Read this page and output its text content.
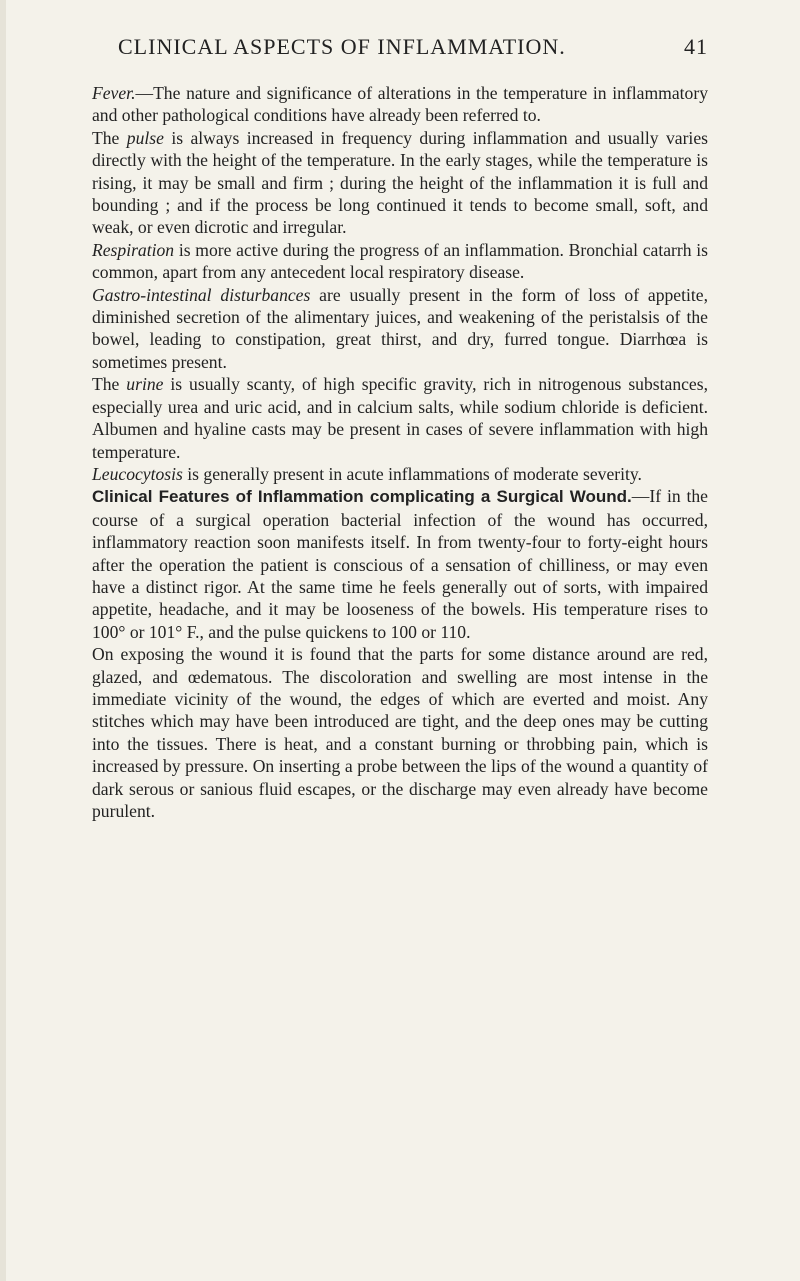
CLINICAL ASPECTS OF INFLAMMATION.	41

Fever.—The nature and significance of alterations in the temperature in inflammatory and other pathological conditions have already been referred to.

The pulse is always increased in frequency during inflammation and usually varies directly with the height of the temperature. In the early stages, while the temperature is rising, it may be small and firm ; during the height of the inflammation it is full and bounding ; and if the process be long continued it tends to become small, soft, and weak, or even dicrotic and irregular.

Respiration is more active during the progress of an inflammation. Bronchial catarrh is common, apart from any antecedent local respiratory disease.

Gastro-intestinal disturbances are usually present in the form of loss of appetite, diminished secretion of the alimentary juices, and weakening of the peristalsis of the bowel, leading to constipation, great thirst, and dry, furred tongue. Diarrhœa is sometimes present.

The urine is usually scanty, of high specific gravity, rich in nitrogenous substances, especially urea and uric acid, and in calcium salts, while sodium chloride is deficient. Albumen and hyaline casts may be present in cases of severe inflammation with high temperature.

Leucocytosis is generally present in acute inflammations of moderate severity.

Clinical Features of Inflammation complicating a Surgical Wound.—If in the course of a surgical operation bacterial infection of the wound has occurred, inflammatory reaction soon manifests itself. In from twenty-four to forty-eight hours after the operation the patient is conscious of a sensation of chilliness, or may even have a distinct rigor. At the same time he feels generally out of sorts, with impaired appetite, headache, and it may be looseness of the bowels. His temperature rises to 100° or 101° F., and the pulse quickens to 100 or 110.

On exposing the wound it is found that the parts for some distance around are red, glazed, and œdematous. The discoloration and swelling are most intense in the immediate vicinity of the wound, the edges of which are everted and moist. Any stitches which may have been introduced are tight, and the deep ones may be cutting into the tissues. There is heat, and a constant burning or throbbing pain, which is increased by pressure. On inserting a probe between the lips of the wound a quantity of dark serous or sanious fluid escapes, or the discharge may even already have become purulent.
